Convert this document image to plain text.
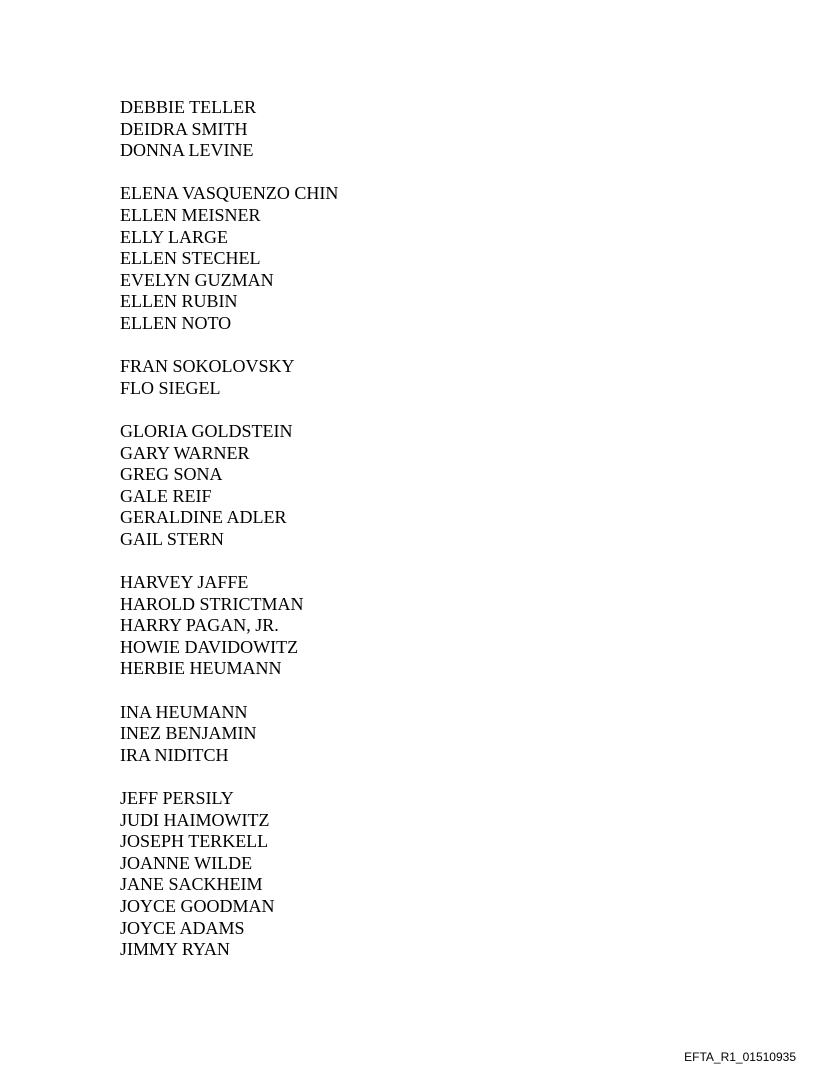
DEBBIE TELLER
DEIDRA SMITH
DONNA LEVINE
ELENA VASQUENZO CHIN
ELLEN MEISNER
ELLY LARGE
ELLEN STECHEL
EVELYN GUZMAN
ELLEN RUBIN
ELLEN NOTO
FRAN SOKOLOVSKY
FLO SIEGEL
GLORIA GOLDSTEIN
GARY WARNER
GREG SONA
GALE REIF
GERALDINE ADLER
GAIL STERN
HARVEY JAFFE
HAROLD STRICTMAN
HARRY PAGAN, JR.
HOWIE DAVIDOWITZ
HERBIE HEUMANN
INA HEUMANN
INEZ BENJAMIN
IRA NIDITCH
JEFF PERSILY
JUDI HAIMOWITZ
JOSEPH TERKELL
JOANNE WILDE
JANE SACKHEIM
JOYCE GOODMAN
JOYCE ADAMS
JIMMY RYAN
EFTA_R1_01510935
